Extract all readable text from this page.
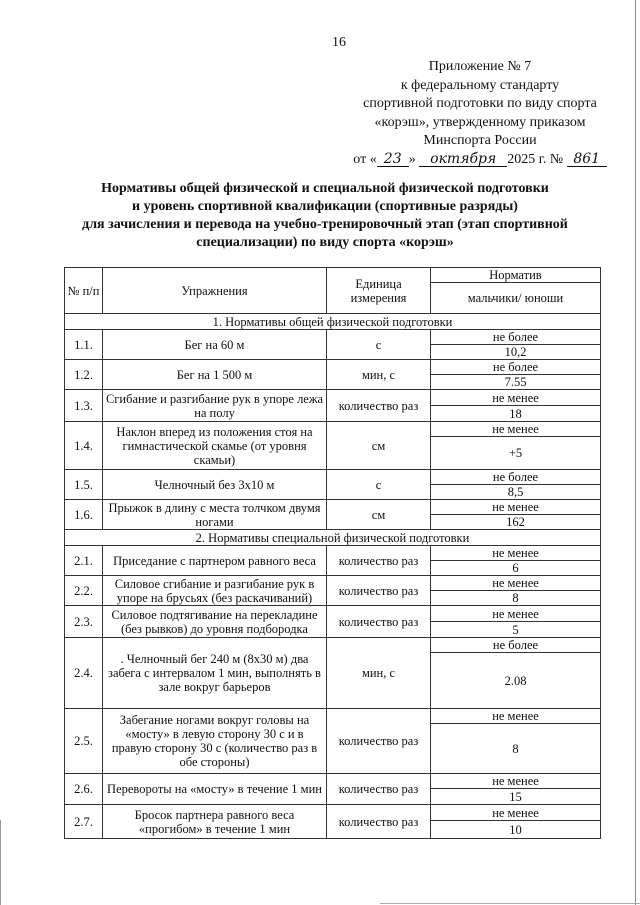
16
Приложение № 7
к федеральному стандарту
спортивной подготовки по виду спорта
«корэш», утвержденному приказом
Минспорта России
от « 23 » октября 2025 г. № 861
Нормативы общей физической и специальной физической подготовки
и уровень спортивной квалификации (спортивные разряды)
для зачисления и перевода на учебно-тренировочный этап (этап спортивной
специализации) по виду спорта «корэш»
№ п/п	Упражнения	Единица измерения	Норматив
			мальчики/ юноши
1. Нормативы общей физической подготовки			
1.1.	Бег на 60 м	с	не более
			10,2
1.2.	Бег на 1 500 м	мин, с	не более
			7.55
1.3.	Сгибание и разгибание рук в упоре лежа на полу	количество раз	не менее
			18
1.4.	Наклон вперед из положения стоя на гимнастической скамье (от уровня скамьи)	см	не менее
			+5
1.5.	Челночный без 3х10 м	с	не более
			8,5
1.6.	Прыжок в длину с места толчком двумя ногами	см	не менее
			162
2. Нормативы специальной физической подготовки			
2.1.	Приседание с партнером равного веса	количество раз	не менее
			6
2.2.	Силовое сгибание и разгибание рук в упоре на брусьях (без раскачиваний)	количество раз	не менее
			8
2.3.	Силовое подтягивание на перекладине (без рывков) до уровня подбородка	количество раз	не менее
			5
2.4.	. Челночный бег 240 м (8х30 м) два забега с интервалом 1 мин, выполнять в зале вокруг барьеров	мин, с	не более
			2.08
2.5.	Забегание ногами вокруг головы на «мосту» в левую сторону 30 с и в правую сторону 30 с (количество раз в обе стороны)	количество раз	не менее
			8
2.6.	Перевороты на «мосту» в течение 1 мин	количество раз	не менее
			15
2.7.	Бросок партнера равного веса «прогибом» в течение 1 мин	количество раз	не менее
			10
